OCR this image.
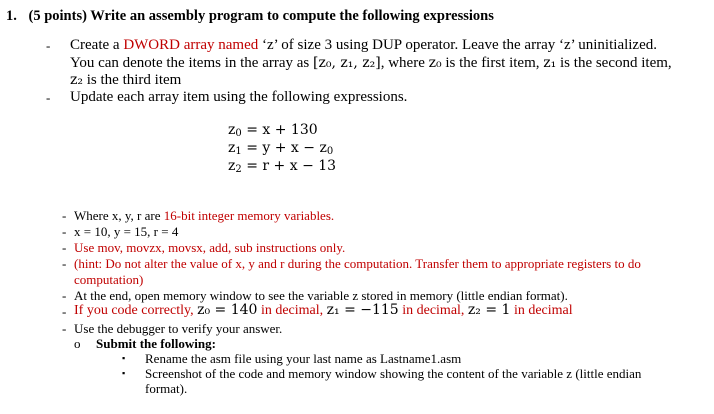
1. (5 points) Write an assembly program to compute the following expressions
- Create a DWORD array named ‘z’ of size 3 using DUP operator. Leave the array ‘z’ uninitialized.
You can denote the items in the array as [z₀, z₁, z₂], where z₀ is the first item, z₁ is the second item,
z₂ is the third item
- Update each array item using the following expressions.
$z_0 = x + 130$
$z_1 = y + x - z_0$
$z_2 = r + x - 13$
- Where x, y, r are 16-bit integer memory variables.
- x = 10, y = 15, r = 4
- Use mov, movzx, movsx, add, sub instructions only.
- (hint: Do not alter the value of x, y and r during the computation. Transfer them to appropriate registers to do
computation)
- At the end, open memory window to see the variable z stored in memory (little endian format).
- If you code correctly, z₀ = 140 in decimal, z₁ = −115 in decimal, z₂ = 1 in decimal
- Use the debugger to verify your answer.
o Submit the following:
▪ Rename the asm file using your last name as Lastname1.asm
▪ Screenshot of the code and memory window showing the content of the variable z (little endian
format).
